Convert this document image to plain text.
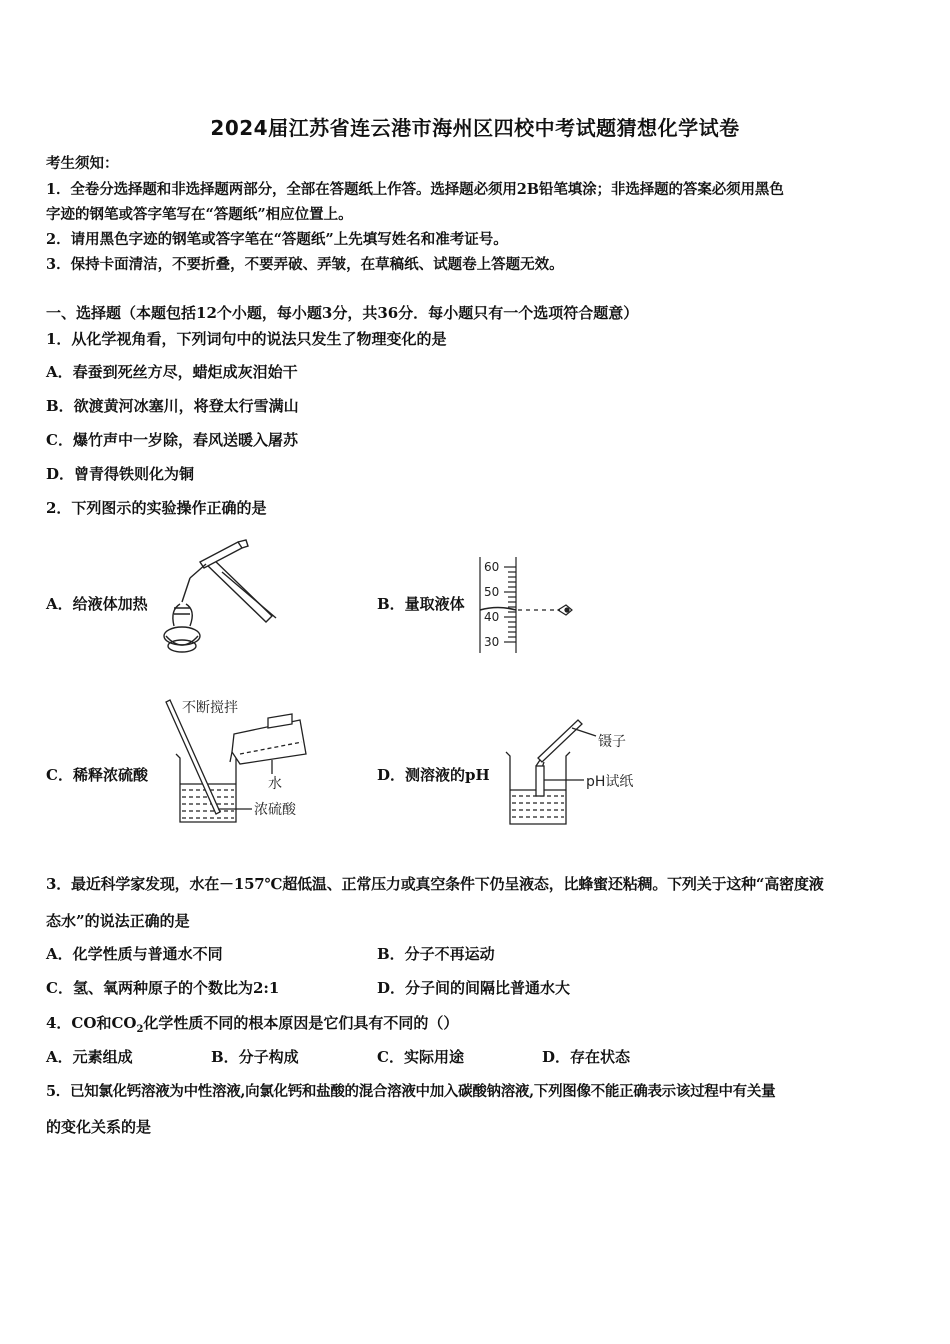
2024届江苏省连云港市海州区四校中考试题猜想化学试卷
考生须知：
1．全卷分选择题和非选择题两部分，全部在答题纸上作答。选择题必须用2B铅笔填涂；非选择题的答案必须用黑色
字迹的钢笔或答字笔写在“答题纸”相应位置上。
2．请用黑色字迹的钢笔或答字笔在“答题纸”上先填写姓名和准考证号。
3．保持卡面清洁，不要折叠，不要弄破、弄皱，在草稿纸、试题卷上答题无效。
一、选择题（本题包括12个小题，每小题3分，共36分．每小题只有一个选项符合题意）
1．从化学视角看，下列词句中的说法只发生了物理变化的是
A．春蚕到死丝方尽，蜡炬成灰泪始干
B．欲渡黄河冰塞川，将登太行雪满山
C．爆竹声中一岁除，春风送暖入屠苏
D．曾青得铁则化为铜
2．下列图示的实验操作正确的是
A．给液体加热	B．量取液体
60
50
40
30
C．稀释浓硫酸
不断搅拌
水
浓硫酸
D．测溶液的pH
镊子
pH试纸
3．最近科学家发现，水在－157℃超低温、正常压力或真空条件下仍呈液态，比蜂蜜还粘稠。下列关于这种“高密度液
态水”的说法正确的是
A．化学性质与普通水不同	B．分子不再运动
C．氢、氧两种原子的个数比为2:1	D．分子间的间隔比普通水大
4．CO和$CO_2$化学性质不同的根本原因是它们具有不同的（）
A．元素组成	B．分子构成	C．实际用途	D．存在状态
5．已知氯化钙溶液为中性溶液,向氯化钙和盐酸的混合溶液中加入碳酸钠溶液,下列图像不能正确表示该过程中有关量
的变化关系的是
